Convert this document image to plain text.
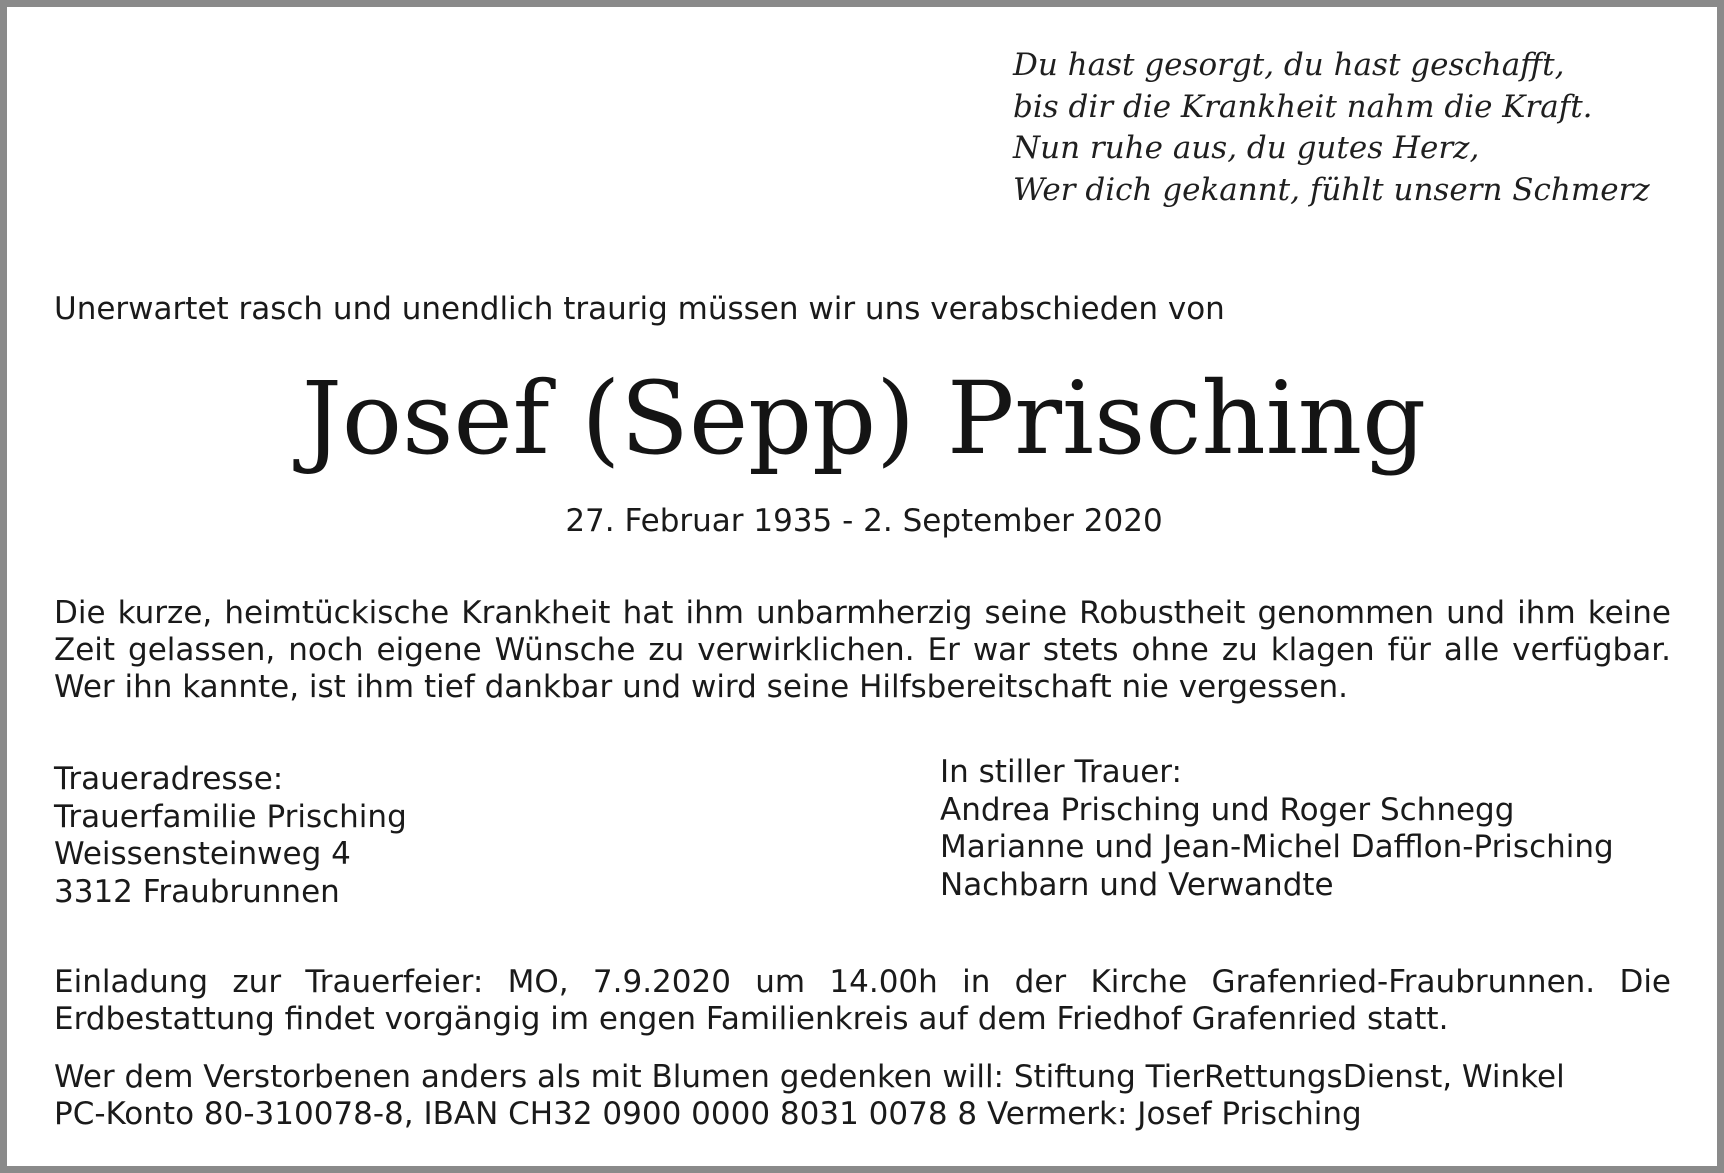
Du hast gesorgt, du hast geschafft,
bis dir die Krankheit nahm die Kraft.
Nun ruhe aus, du gutes Herz,
Wer dich gekannt, fühlt unsern Schmerz
Unerwartet rasch und unendlich traurig müssen wir uns verabschieden von
Josef (Sepp) Prisching
27. Februar 1935 - 2. September 2020
Die kurze, heimtückische Krankheit hat ihm unbarmherzig seine Robustheit genommen und ihm keine Zeit gelassen, noch eigene Wünsche zu verwirklichen. Er war stets ohne zu klagen für alle verfügbar. Wer ihn kannte, ist ihm tief dankbar und wird seine Hilfsbereitschaft nie vergessen.
Traueradresse:
Trauerfamilie Prisching
Weissensteinweg 4
3312 Fraubrunnen
In stiller Trauer:
Andrea Prisching und Roger Schnegg
Marianne und Jean-Michel Dafflon-Prisching
Nachbarn und Verwandte
Einladung zur Trauerfeier: MO, 7.9.2020 um 14.00h in der Kirche Grafenried-Fraubrunnen. Die Erdbestattung findet vorgängig im engen Familienkreis auf dem Friedhof Grafenried statt.
Wer dem Verstorbenen anders als mit Blumen gedenken will: Stiftung TierRettungsDienst, Winkel
PC-Konto 80-310078-8, IBAN CH32 0900 0000 8031 0078 8 Vermerk: Josef Prisching
